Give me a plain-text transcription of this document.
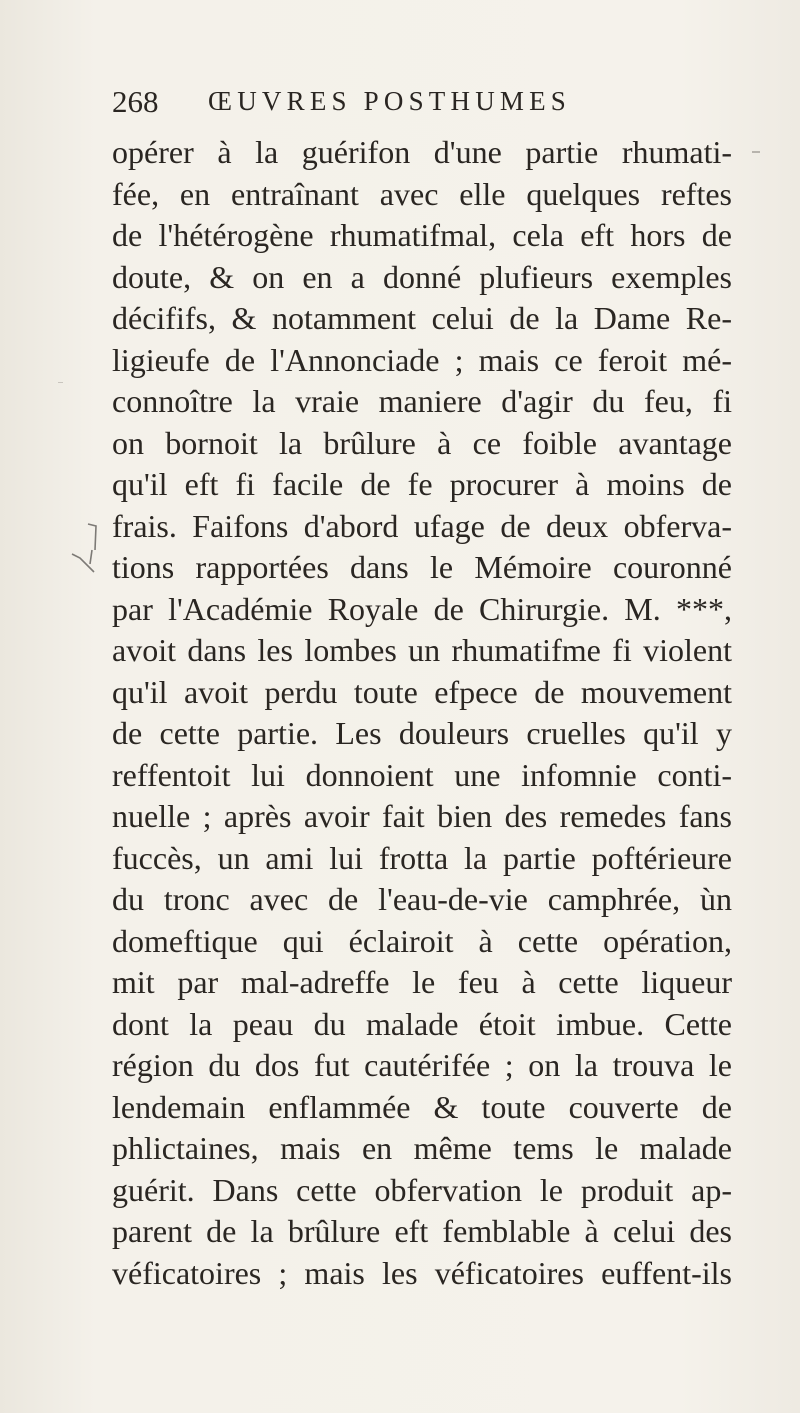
268 ŒUVRES POSTHUMES
opérer à la guérifon d'une partie rhumati-
fée, en entraînant avec elle quelques reftes
de l'hétérogène rhumatifmal, cela eft hors de
doute, & on en a donné plufieurs exemples
décififs, & notamment celui de la Dame Re-
ligieufe de l'Annonciade ; mais ce feroit mé-
connoître la vraie maniere d'agir du feu, fi
on bornoit la brûlure à ce foible avantage
qu'il eft fi facile de fe procurer à moins de
frais. Faifons d'abord ufage de deux obferva-
tions rapportées dans le Mémoire couronné
par l'Académie Royale de Chirurgie. M. ***,
avoit dans les lombes un rhumatifme fi violent
qu'il avoit perdu toute efpece de mouvement
de cette partie. Les douleurs cruelles qu'il y
reffentoit lui donnoient une infomnie conti-
nuelle ; après avoir fait bien des remedes fans
fuccès, un ami lui frotta la partie poftérieure
du tronc avec de l'eau-de-vie camphrée, ùn
domeftique qui éclairoit à cette opération,
mit par mal-adreffe le feu à cette liqueur
dont la peau du malade étoit imbue. Cette
région du dos fut cautérifée ; on la trouva le
lendemain enflammée & toute couverte de
phlictaines, mais en même tems le malade
guérit. Dans cette obfervation le produit ap-
parent de la brûlure eft femblable à celui des
véficatoires ; mais les véficatoires euffent-ils
